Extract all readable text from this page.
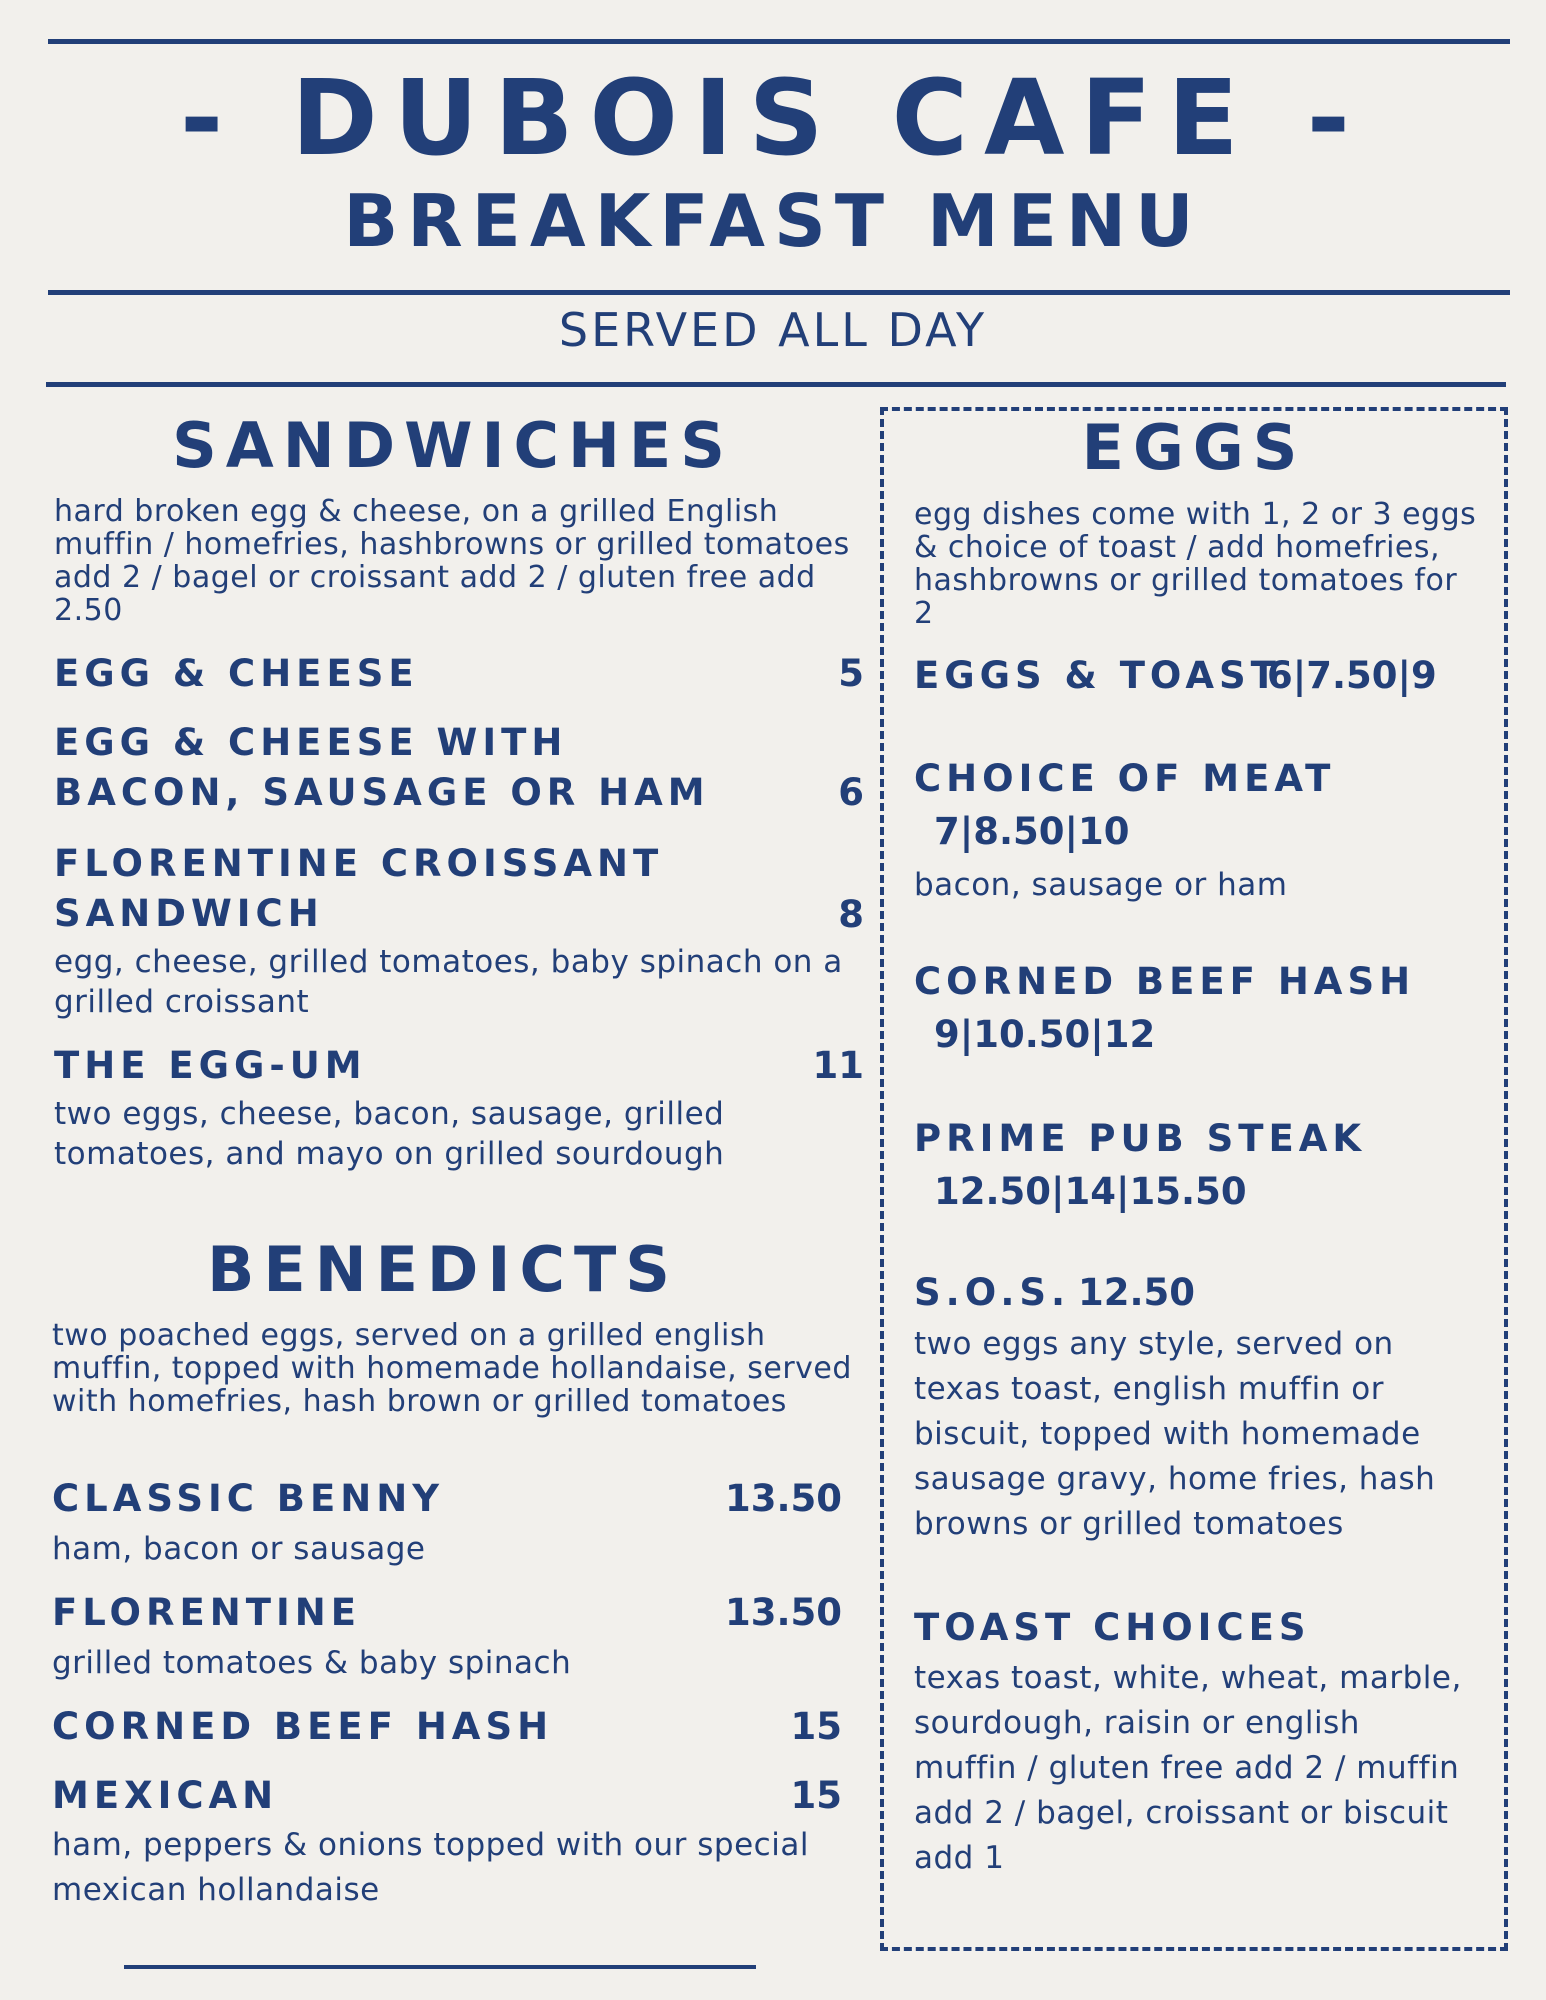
- DUBOIS CAFE -
BREAKFAST MENU
SERVED ALL DAY
SANDWICHES
hard broken egg & cheese, on a grilled English muffin / homefries, hashbrowns or grilled tomatoes add 2 / bagel or croissant add 2 / gluten free add 2.50
EGG & CHEESE	5
EGG & CHEESE WITH BACON, SAUSAGE OR HAM	6
FLORENTINE CROISSANT SANDWICH	8
egg, cheese, grilled tomatoes, baby spinach on a grilled croissant
THE EGG-UM	11
two eggs, cheese, bacon, sausage, grilled tomatoes, and mayo on grilled sourdough
BENEDICTS
two poached eggs, served on a grilled english muffin, topped with homemade hollandaise, served with homefries, hash brown or grilled tomatoes
CLASSIC BENNY	13.50
ham, bacon or sausage
FLORENTINE	13.50
grilled tomatoes & baby spinach
CORNED BEEF HASH	15
MEXICAN	15
ham, peppers & onions topped with our special mexican hollandaise
EGGS
egg dishes come with 1, 2 or 3 eggs & choice of toast / add homefries, hashbrowns or grilled tomatoes for 2
EGGS & TOAST
6|7.50|9
CHOICE OF MEAT
7|8.50|10
bacon, sausage or ham
CORNED BEEF HASH
9|10.50|12
PRIME PUB STEAK
12.50|14|15.50
S.O.S. 12.50
two eggs any style, served on texas toast, english muffin or biscuit, topped with homemade sausage gravy, home fries, hash browns or grilled tomatoes
TOAST CHOICES
texas toast, white, wheat, marble, sourdough, raisin or english muffin / gluten free add 2 / muffin add 2 / bagel, croissant or biscuit add 1
